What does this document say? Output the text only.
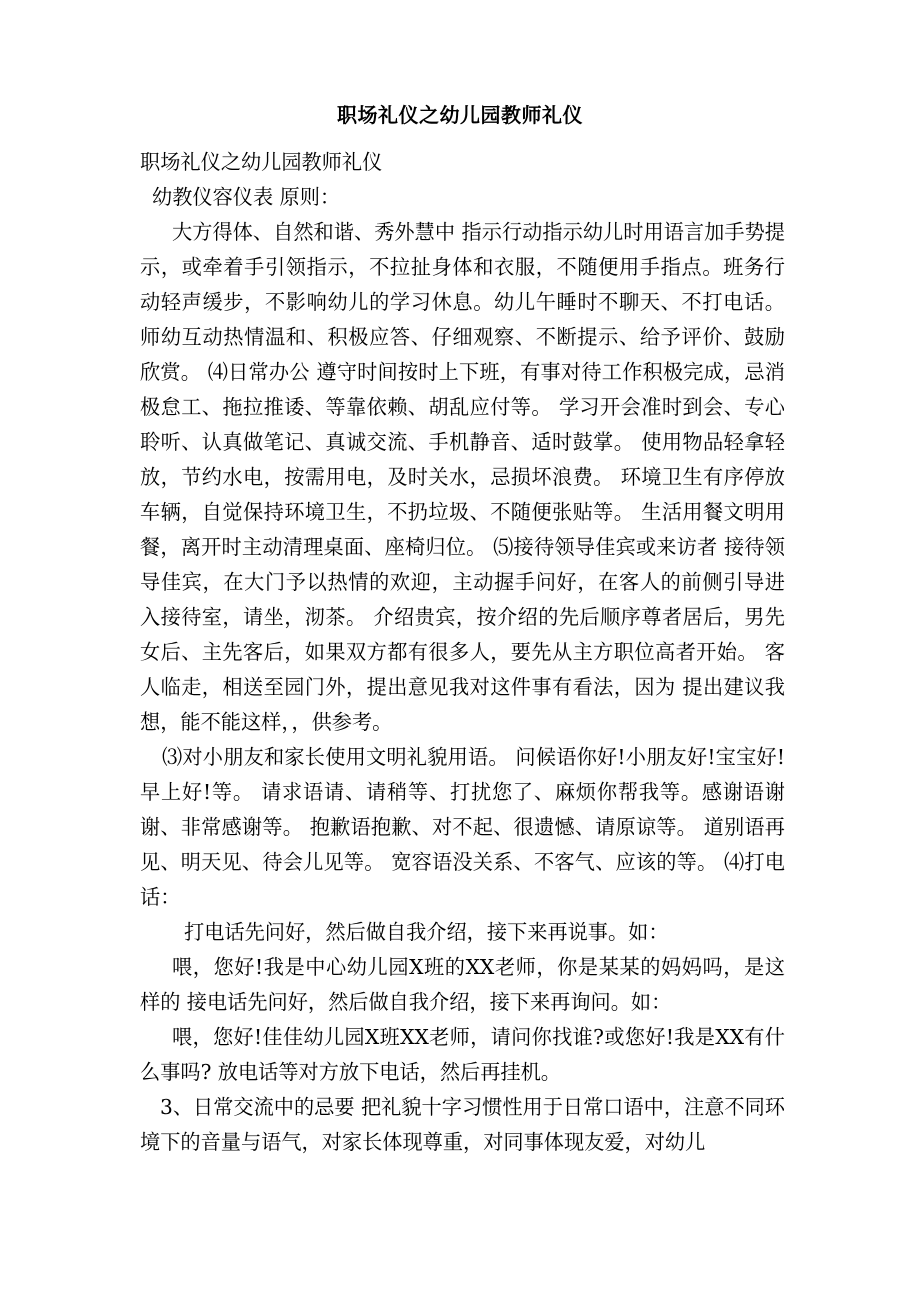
职场礼仪之幼儿园教师礼仪

职场礼仪之幼儿园教师礼仪

幼教仪容仪表 原则：

大方得体、自然和谐、秀外慧中 指示行动指示幼儿时用语言加手势提示，或牵着手引领指示，不拉扯身体和衣服，不随便用手指点。班务行动轻声缓步，不影响幼儿的学习休息。幼儿午睡时不聊天、不打电话。 师幼互动热情温和、积极应答、仔细观察、不断提示、给予评价、鼓励欣赏。 ⑷日常办公 遵守时间按时上下班，有事对待工作积极完成，忌消极怠工、拖拉推诿、等靠依赖、胡乱应付等。 学习开会准时到会、专心聆听、认真做笔记、真诚交流、手机静音、适时鼓掌。 使用物品轻拿轻放，节约水电，按需用电，及时关水，忌损坏浪费。 环境卫生有序停放车辆，自觉保持环境卫生，不扔垃圾、不随便张贴等。 生活用餐文明用餐，离开时主动清理桌面、座椅归位。 ⑸接待领导佳宾或来访者 接待领导佳宾，在大门予以热情的欢迎，主动握手问好，在客人的前侧引导进入接待室，请坐，沏茶。 介绍贵宾，按介绍的先后顺序尊者居后，男先女后、主先客后，如果双方都有很多人，要先从主方职位高者开始。 客人临走，相送至园门外，提出意见我对这件事有看法，因为 提出建议我想，能不能这样，，供参考。

⑶对小朋友和家长使用文明礼貌用语。 问候语你好!小朋友好!宝宝好!早上好!等。 请求语请、请稍等、打扰您了、麻烦你帮我等。感谢语谢谢、非常感谢等。 抱歉语抱歉、对不起、很遗憾、请原谅等。 道别语再见、明天见、待会儿见等。 宽容语没关系、不客气、应该的等。 ⑷打电话：

打电话先问好，然后做自我介绍，接下来再说事。如：

喂，您好!我是中心幼儿园X班的XX老师，你是某某的妈妈吗，是这样的 接电话先问好，然后做自我介绍，接下来再询问。如：

喂，您好!佳佳幼儿园X班XX老师，请问你找谁?或您好!我是XX有什么事吗? 放电话等对方放下电话，然后再挂机。

3、日常交流中的忌要 把礼貌十字习惯性用于日常口语中，注意不同环境下的音量与语气，对家长体现尊重，对同事体现友爱，对幼儿
